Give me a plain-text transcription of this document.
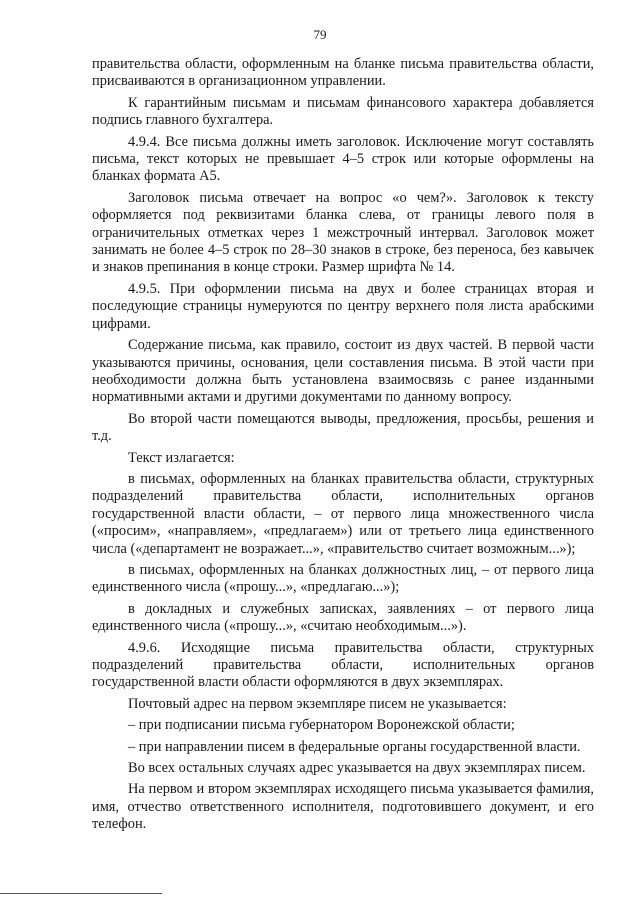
79

правительства области, оформленным на бланке письма правительства области, присваиваются в организационном управлении.

К гарантийным письмам и письмам финансового характера добавляется подпись главного бухгалтера.

4.9.4. Все письма должны иметь заголовок. Исключение могут составлять письма, текст которых не превышает 4–5 строк или которые оформлены на бланках формата А5.

Заголовок письма отвечает на вопрос «о чем?». Заголовок к тексту оформляется под реквизитами бланка слева, от границы левого поля в ограничительных отметках через 1 межстрочный интервал. Заголовок может занимать не более 4–5 строк по 28–30 знаков в строке, без переноса, без кавычек и знаков препинания в конце строки. Размер шрифта № 14.

4.9.5. При оформлении письма на двух и более страницах вторая и последующие страницы нумеруются по центру верхнего поля листа арабскими цифрами.

Содержание письма, как правило, состоит из двух частей. В первой части указываются причины, основания, цели составления письма. В этой части при необходимости должна быть установлена взаимосвязь с ранее изданными нормативными актами и другими документами по данному вопросу.

Во второй части помещаются выводы, предложения, просьбы, решения и т.д.

Текст излагается:

в письмах, оформленных на бланках правительства области, структурных подразделений правительства области, исполнительных органов государственной власти области, – от первого лица множественного числа («просим», «направляем», «предлагаем») или от третьего лица единственного числа («департамент не возражает...», «правительство считает возможным...»);

в письмах, оформленных на бланках должностных лиц, – от первого лица единственного числа («прошу...», «предлагаю...»);

в докладных и служебных записках, заявлениях – от первого лица единственного числа («прошу...», «считаю необходимым...»).

4.9.6. Исходящие письма правительства области, структурных подразделений правительства области, исполнительных органов государственной власти области оформляются в двух экземплярах.

Почтовый адрес на первом экземпляре писем не указывается:

– при подписании письма губернатором Воронежской области;

– при направлении писем в федеральные органы государственной власти.

Во всех остальных случаях адрес указывается на двух экземплярах писем.

На первом и втором экземплярах исходящего письма указывается фамилия, имя, отчество ответственного исполнителя, подготовившего документ, и его телефон.
